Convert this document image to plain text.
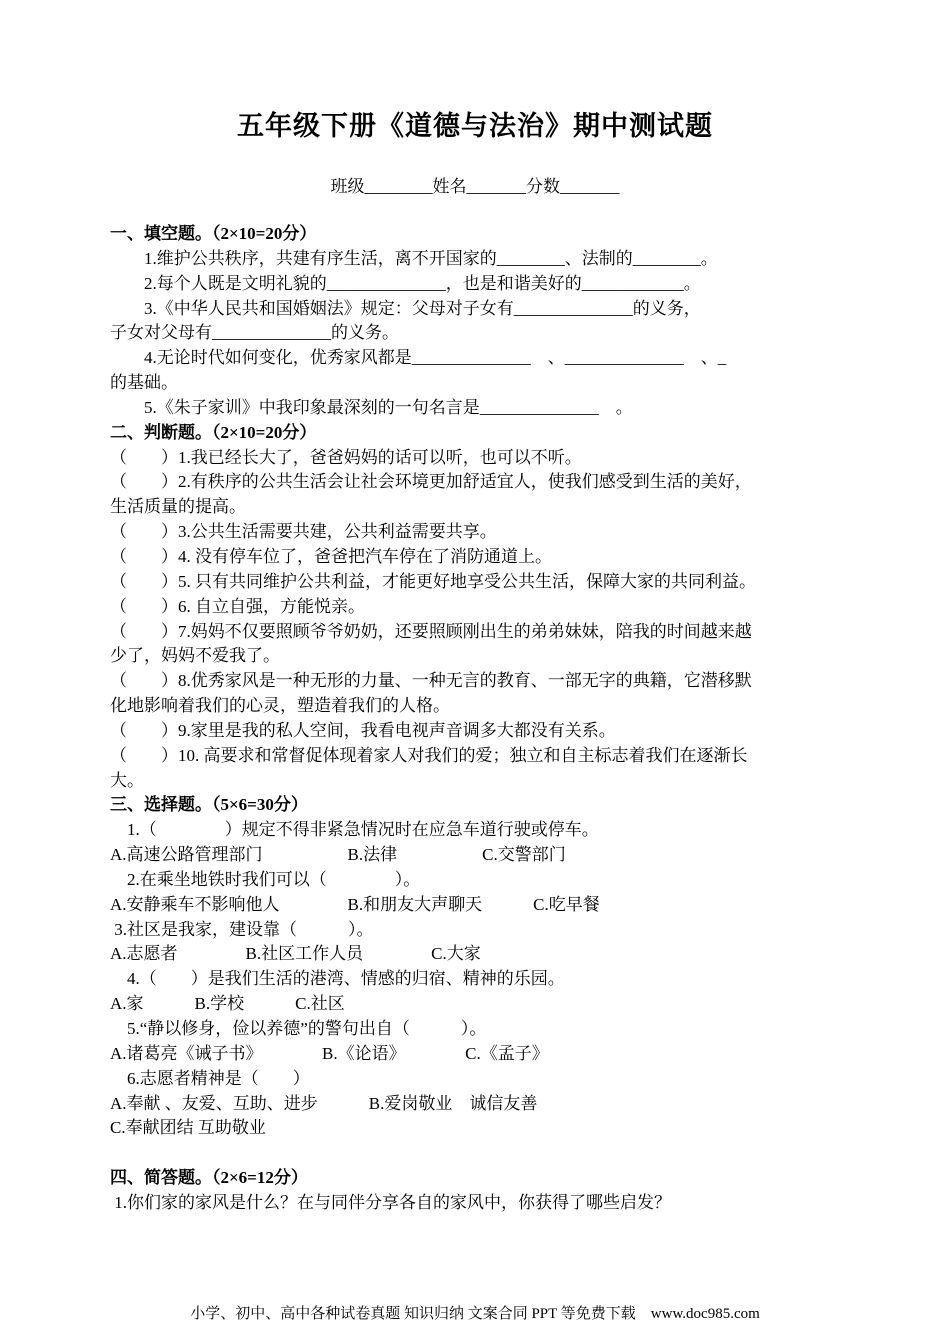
五年级下册《道德与法治》期中测试题
班级________姓名_______分数_______
一、填空题。（2×10=20分）
　　1.维护公共秩序，共建有序生活，离不开国家的________、法制的________。
　　2.每个人既是文明礼貌的______________，也是和谐美好的____________。
　　3.《中华人民共和国婚姻法》规定：父母对子女有______________的义务，
子女对父母有______________的义务。
　　4.无论时代如何变化，优秀家风都是______________　、______________　、_
的基础。
　　5.《朱子家训》中我印象最深刻的一句名言是______________　。
二、判断题。（2×10=20分）
（　　）1.我已经长大了，爸爸妈妈的话可以听，也可以不听。
（　　）2.有秩序的公共生活会让社会环境更加舒适宜人，使我们感受到生活的美好，
生活质量的提高。
（　　）3.公共生活需要共建，公共利益需要共享。
（　　）4. 没有停车位了，爸爸把汽车停在了消防通道上。
（　　）5. 只有共同维护公共利益，才能更好地享受公共生活，保障大家的共同利益。
（　　）6. 自立自强，方能悦亲。
（　　）7.妈妈不仅要照顾爷爷奶奶，还要照顾刚出生的弟弟妹妹，陪我的时间越来越
少了，妈妈不爱我了。
（　　）8.优秀家风是一种无形的力量、一种无言的教育、一部无字的典籍，它潜移默
化地影响着我们的心灵，塑造着我们的人格。
（　　）9.家里是我的私人空间，我看电视声音调多大都没有关系。
（　　）10. 高要求和常督促体现着家人对我们的爱；独立和自主标志着我们在逐渐长
大。
三、选择题。（5×6=30分）
　1.（　　　　）规定不得非紧急情况时在应急车道行驶或停车。
A.高速公路管理部门　　　　　B.法律　　　　　C.交警部门
　2.在乘坐地铁时我们可以（　　　　）。
A.安静乘车不影响他人　　　　B.和朋友大声聊天　　　C.吃早餐
3.社区是我家，建设靠（　　　）。
A.志愿者　　　　B.社区工作人员　　　　C.大家
　4.（　　）是我们生活的港湾、情感的归宿、精神的乐园。
A.家　　　B.学校　　　C.社区
　5.“静以修身，俭以养德”的警句出自（　　　）。
A.诸葛亮《诫子书》　　　　B.《论语》　　　　C.《孟子》
　6.志愿者精神是（　　）
A.奉献 、友爱、互助、进步　　　B.爱岗敬业　诚信友善
C.奉献团结 互助敬业
四、简答题。（2×6=12分）
1.你们家的家风是什么？在与同伴分享各自的家风中，你获得了哪些启发？
小学、初中、高中各种试卷真题 知识归纳 文案合同 PPT 等免费下载　www.doc985.com
